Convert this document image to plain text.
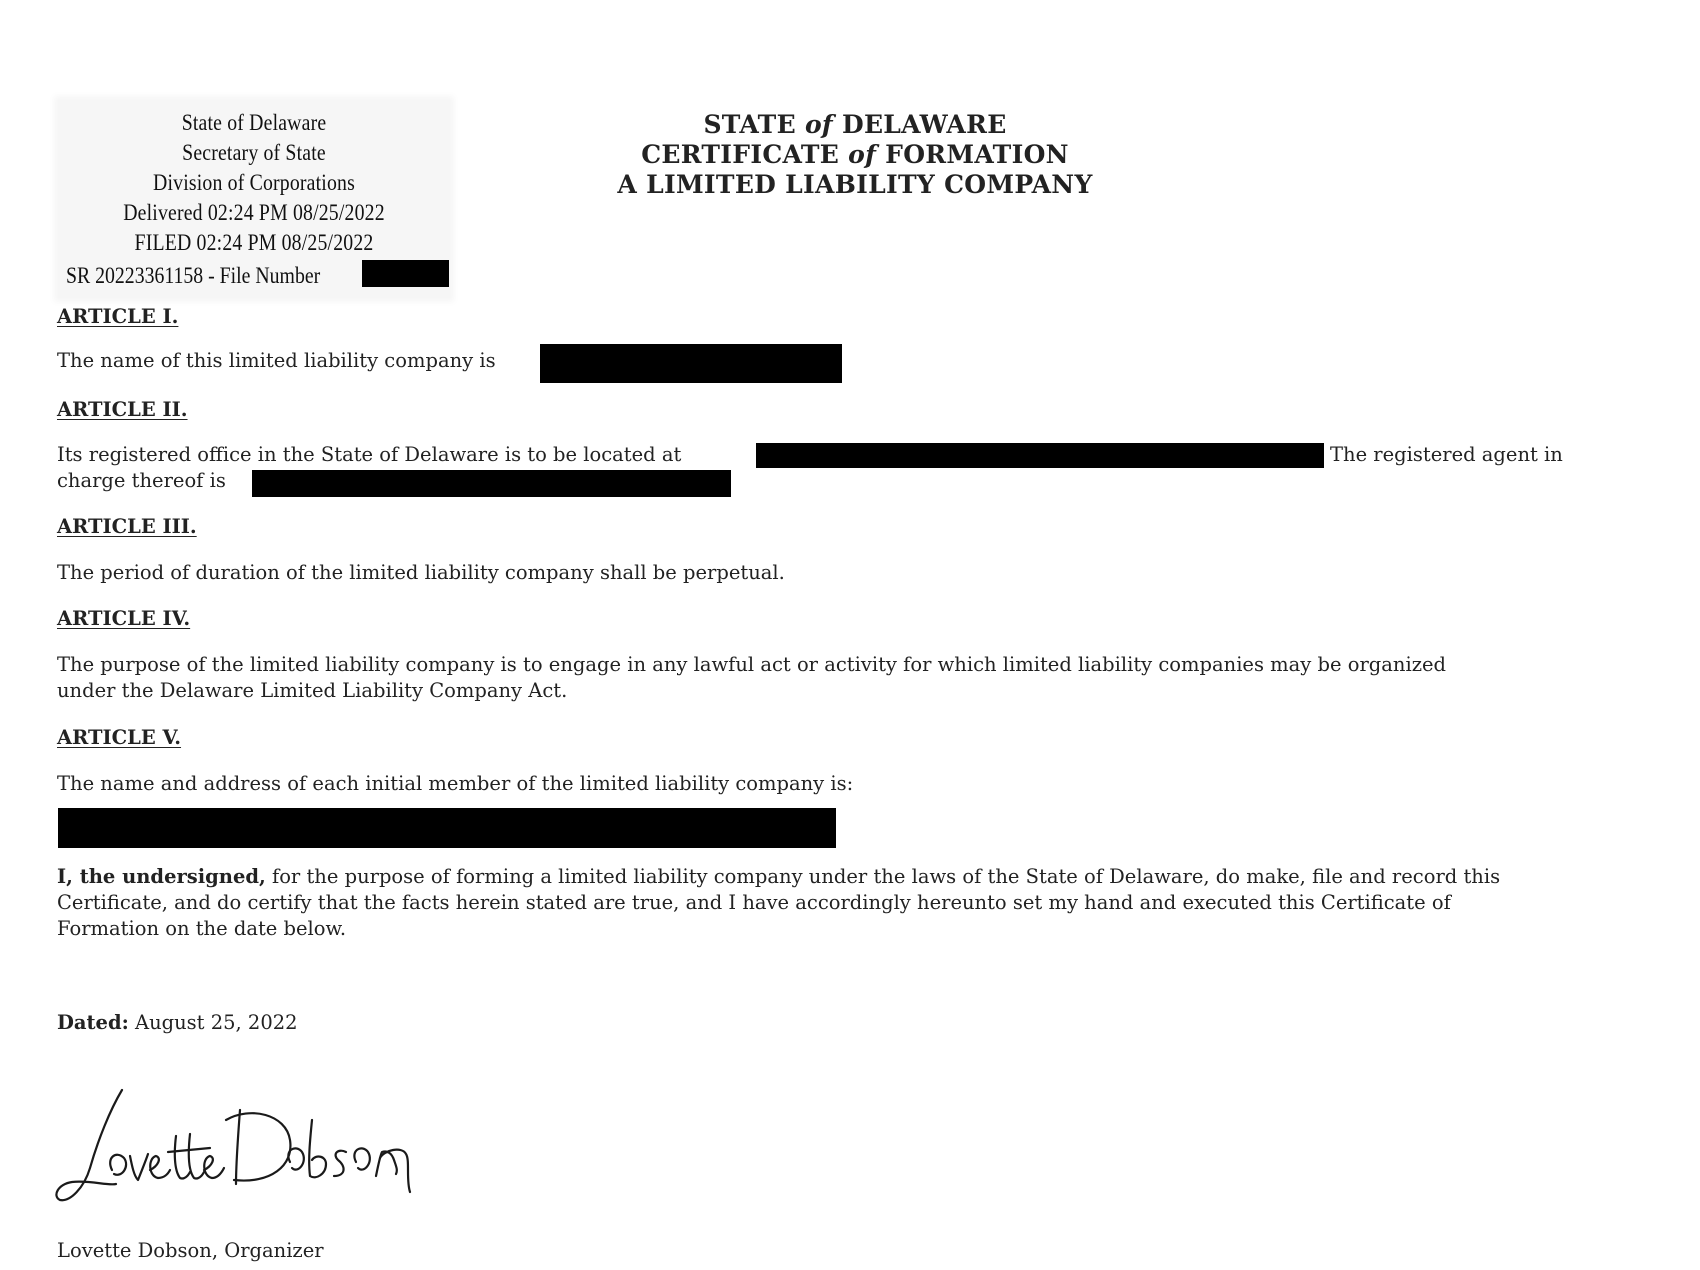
State of Delaware
Secretary of State
Division of Corporations
Delivered 02:24 PM 08/25/2022
FILED 02:24 PM 08/25/2022
SR 20223361158 - File Number
STATE of DELAWARE
CERTIFICATE of FORMATION
A LIMITED LIABILITY COMPANY
ARTICLE I.
The name of this limited liability company is
ARTICLE II.
Its registered office in the State of Delaware is to be located at	The registered agent in
charge thereof is
ARTICLE III.
The period of duration of the limited liability company shall be perpetual.
ARTICLE IV.
The purpose of the limited liability company is to engage in any lawful act or activity for which limited liability companies may be organized
under the Delaware Limited Liability Company Act.
ARTICLE V.
The name and address of each initial member of the limited liability company is:
I, the undersigned, for the purpose of forming a limited liability company under the laws of the State of Delaware, do make, file and record this
Certificate, and do certify that the facts herein stated are true, and I have accordingly hereunto set my hand and executed this Certificate of
Formation on the date below.
Dated: August 25, 2022
Lovette Dobson, Organizer
